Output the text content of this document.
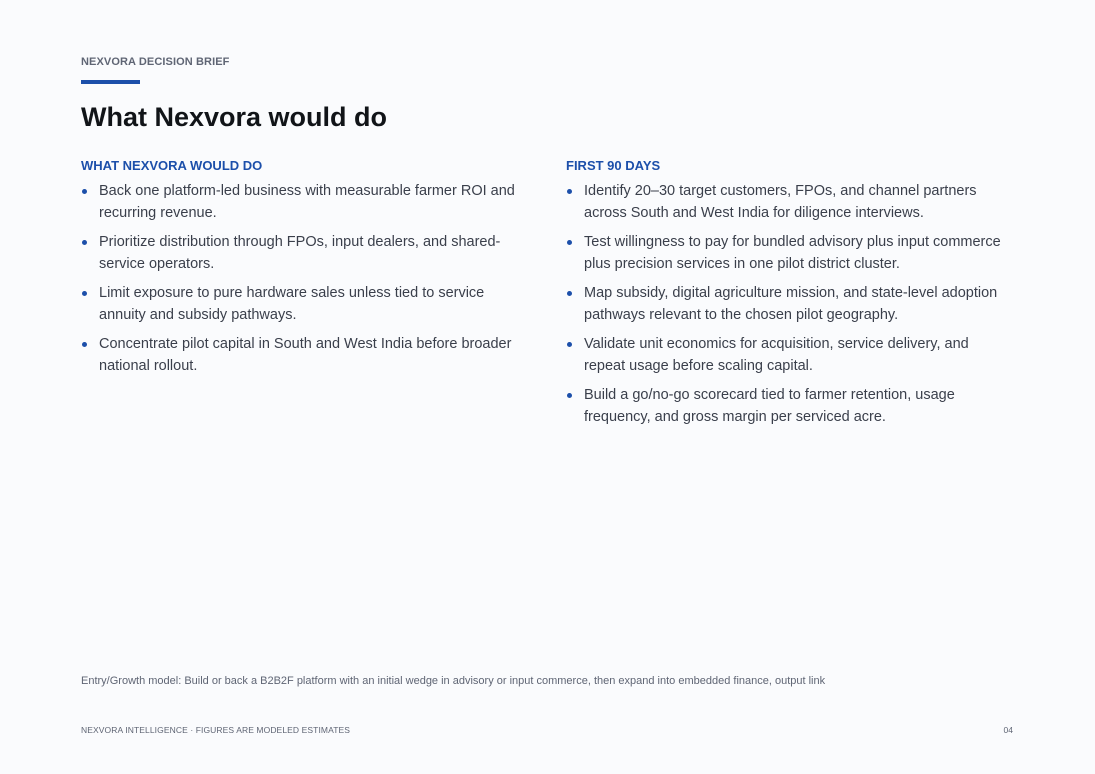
NEXVORA DECISION BRIEF
What Nexvora would do
WHAT NEXVORA WOULD DO
Back one platform-led business with measurable farmer ROI and recurring revenue.
Prioritize distribution through FPOs, input dealers, and shared-service operators.
Limit exposure to pure hardware sales unless tied to service annuity and subsidy pathways.
Concentrate pilot capital in South and West India before broader national rollout.
FIRST 90 DAYS
Identify 20–30 target customers, FPOs, and channel partners across South and West India for diligence interviews.
Test willingness to pay for bundled advisory plus input commerce plus precision services in one pilot district cluster.
Map subsidy, digital agriculture mission, and state-level adoption pathways relevant to the chosen pilot geography.
Validate unit economics for acquisition, service delivery, and repeat usage before scaling capital.
Build a go/no-go scorecard tied to farmer retention, usage frequency, and gross margin per serviced acre.
Entry/Growth model: Build or back a B2B2F platform with an initial wedge in advisory or input commerce, then expand into embedded finance, output link
NEXVORA INTELLIGENCE · FIGURES ARE MODELED ESTIMATES	04
